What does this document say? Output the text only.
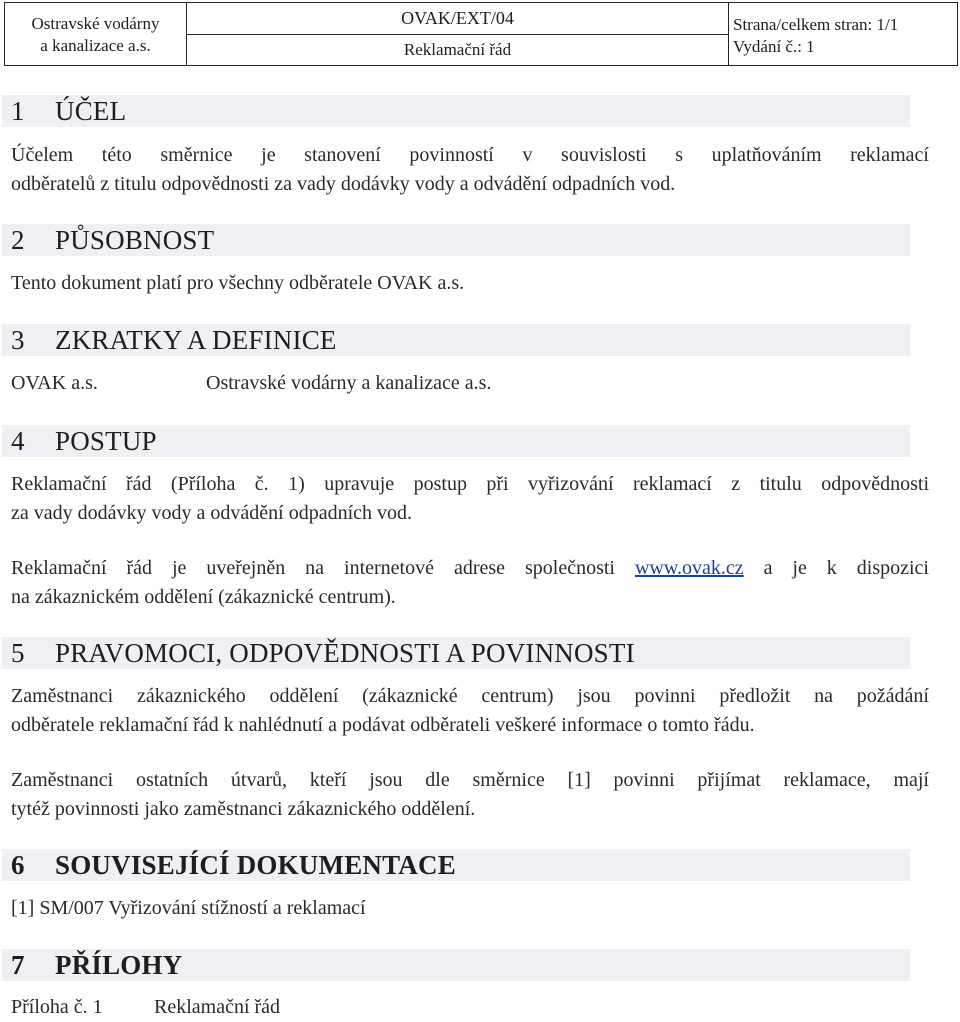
Ostravské vodárny
a kanalizace a.s.
OVAK/EXT/04
Reklamační řád
Strana/celkem stran: 1/1
Vydání č.: 1
1 ÚČEL
Účelem této směrnice je stanovení povinností v souvislosti s uplatňováním reklamací
odběratelů z titulu odpovědnosti za vady dodávky vody a odvádění odpadních vod.
2 PŮSOBNOST
Tento dokument platí pro všechny odběratele OVAK a.s.
3 ZKRATKY A DEFINICE
OVAK a.s.	Ostravské vodárny a kanalizace a.s.
4 POSTUP
Reklamační řád (Příloha č. 1) upravuje postup při vyřizování reklamací z titulu odpovědnosti
za vady dodávky vody a odvádění odpadních vod.
Reklamační řád je uveřejněn na internetové adrese společnosti www.ovak.cz a je k dispozici
na zákaznickém oddělení (zákaznické centrum).
5 PRAVOMOCI, ODPOVĚDNOSTI A POVINNOSTI
Zaměstnanci zákaznického oddělení (zákaznické centrum) jsou povinni předložit na požádání
odběratele reklamační řád k nahlédnutí a podávat odběrateli veškeré informace o tomto řádu.
Zaměstnanci ostatních útvarů, kteří jsou dle směrnice [1] povinni přijímat reklamace, mají
tytéž povinnosti jako zaměstnanci zákaznického oddělení.
6 SOUVISEJÍCÍ DOKUMENTACE
[1] SM/007 Vyřizování stížností a reklamací
7 PŘÍLOHY
Příloha č. 1	Reklamační řád
